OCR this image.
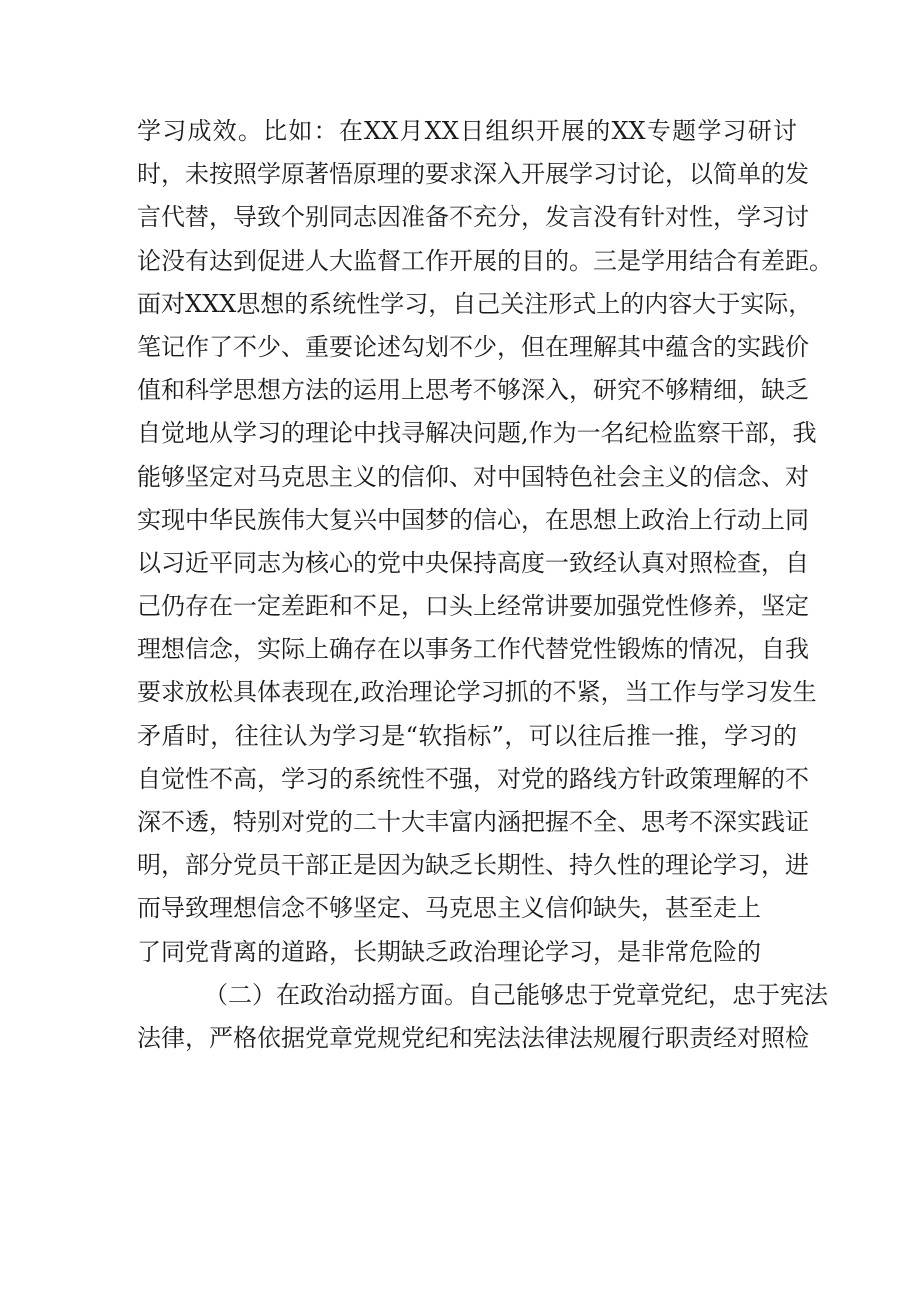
学习成效。比如：在XX月XX日组织开展的XX专题学习研讨
时，未按照学原著悟原理的要求深入开展学习讨论，以简单的发
言代替，导致个别同志因准备不充分，发言没有针对性，学习讨
论没有达到促进人大监督工作开展的目的。三是学用结合有差距。
面对XXX思想的系统性学习，自己关注形式上的内容大于实际，
笔记作了不少、重要论述勾划不少，但在理解其中蕴含的实践价
值和科学思想方法的运用上思考不够深入，研究不够精细，缺乏
自觉地从学习的理论中找寻解决问题,作为一名纪检监察干部，我
能够坚定对马克思主义的信仰、对中国特色社会主义的信念、对
实现中华民族伟大复兴中国梦的信心，在思想上政治上行动上同
以习近平同志为核心的党中央保持高度一致经认真对照检查，自
己仍存在一定差距和不足，口头上经常讲要加强党性修养，坚定
理想信念，实际上确存在以事务工作代替党性锻炼的情况，自我
要求放松具体表现在,政治理论学习抓的不紧，当工作与学习发生
矛盾时，往往认为学习是“软指标”，可以往后推一推，学习的
自觉性不高，学习的系统性不强，对党的路线方针政策理解的不
深不透，特别对党的二十大丰富内涵把握不全、思考不深实践证
明，部分党员干部正是因为缺乏长期性、持久性的理论学习，进
而导致理想信念不够坚定、马克思主义信仰缺失，甚至走上
了同党背离的道路，长期缺乏政治理论学习，是非常危险的
（二）在政治动摇方面。自己能够忠于党章党纪，忠于宪法
法律，严格依据党章党规党纪和宪法法律法规履行职责经对照检
